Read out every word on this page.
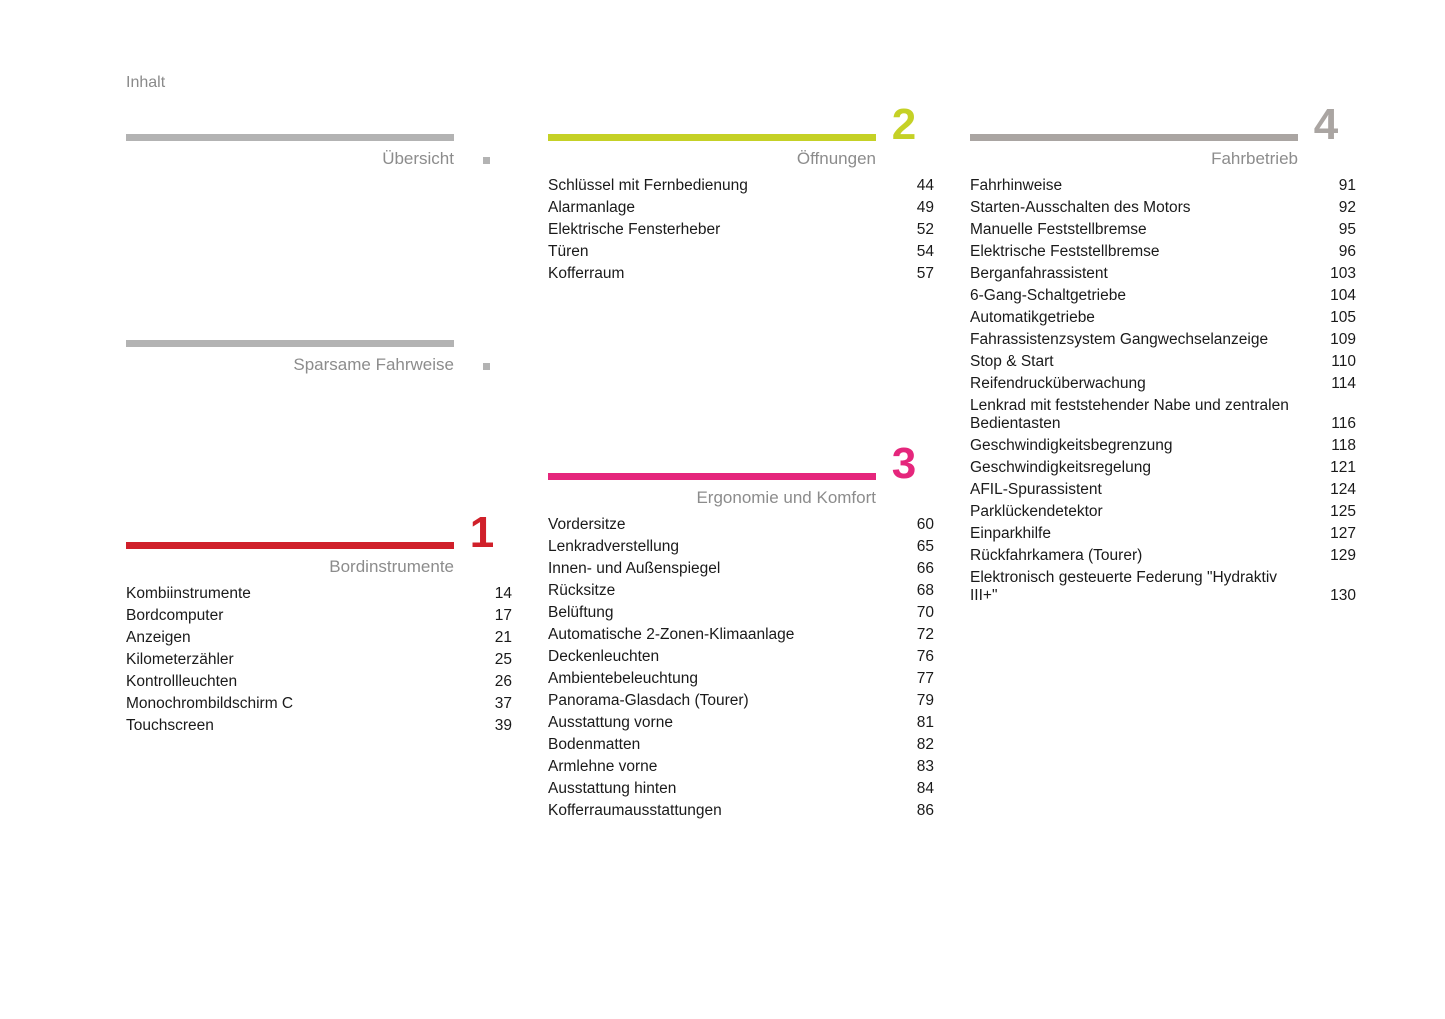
Inhalt
Übersicht
Sparsame Fahrweise
Bordinstrumente
1
Kombiinstrumente	14
Bordcomputer	17
Anzeigen	21
Kilometerzähler	25
Kontrollleuchten	26
Monochrombildschirm C	37
Touchscreen	39
Öffnungen
2
Schlüssel mit Fernbedienung	44
Alarmanlage	49
Elektrische Fensterheber	52
Türen	54
Kofferraum	57
Ergonomie und Komfort
3
Vordersitze	60
Lenkradverstellung	65
Innen- und Außenspiegel	66
Rücksitze	68
Belüftung	70
Automatische 2-Zonen-Klimaanlage	72
Deckenleuchten	76
Ambientebeleuchtung	77
Panorama-Glasdach (Tourer)	79
Ausstattung vorne	81
Bodenmatten	82
Armlehne vorne	83
Ausstattung hinten	84
Kofferraumausstattungen	86
Fahrbetrieb
4
Fahrhinweise	91
Starten-Ausschalten des Motors	92
Manuelle Feststellbremse	95
Elektrische Feststellbremse	96
Berganfahrassistent	103
6-Gang-Schaltgetriebe	104
Automatikgetriebe	105
Fahrassistenzsystem Gangwechselanzeige	109
Stop & Start	110
Reifendrucküberwachung	114
Lenkrad mit feststehender Nabe und zentralen Bedientasten	116
Geschwindigkeitsbegrenzung	118
Geschwindigkeitsregelung	121
AFIL-Spurassistent	124
Parklückendetektor	125
Einparkhilfe	127
Rückfahrkamera (Tourer)	129
Elektronisch gesteuerte Federung "Hydraktiv III+"	130
